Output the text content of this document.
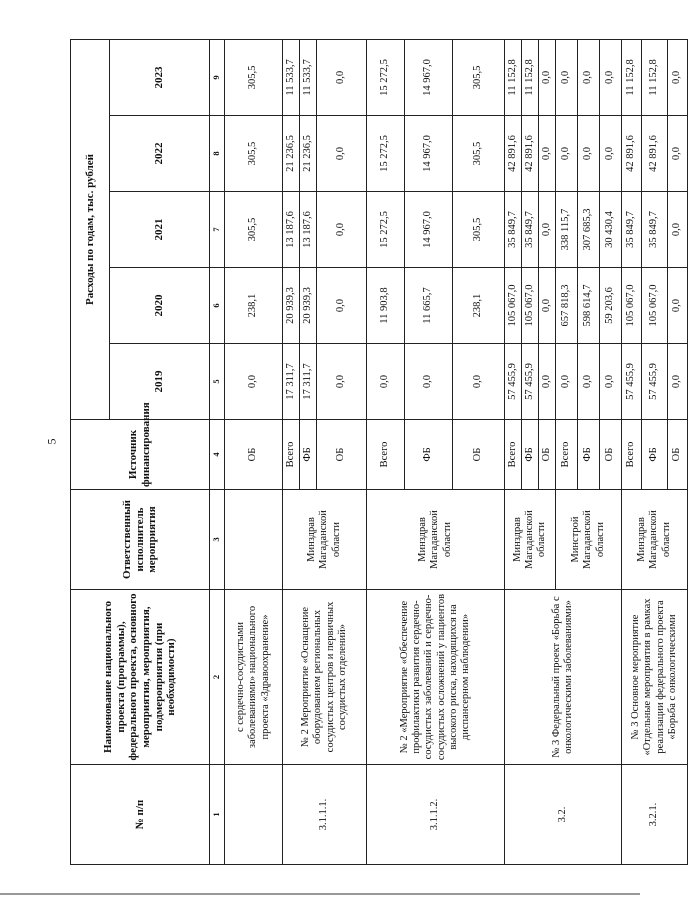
5
№ п/п	Наименование национального проекта (программы), федерального проекта, основного мероприятия, мероприятия, подмероприятия (при необходимости)	Ответственный исполнитель мероприятия	Источник финансирования	Расходы по годам, тыс. рублей				
				2019	2020	2021	2022	2023
1	2	3	4	5	6	7	8	9
	с сердечно-сосудистыми заболеваниями» национального проекта «Здравоохранение»		ОБ	0,0	238,1	305,5	305,5	305,5
3.1.1.1.	№ 2 Мероприятие «Оснащение оборудованием региональных сосудистых центров и первичных сосудистых отделений»	Минздрав Магаданской области	Всего	17 311,7	20 939,3	13 187,6	21 236,5	11 533,7
			ФБ	17 311,7	20 939,3	13 187,6	21 236,5	11 533,7
			ОБ	0,0	0,0	0,0	0,0	0,0
3.1.1.2.	№ 2 «Мероприятие «Обеспечение профилактики развития сердечно-сосудистых заболеваний и сердечно-сосудистых осложнений у пациентов высокого риска, находящихся на диспансерном наблюдении»	Минздрав Магаданской области	Всего	0,0	11 903,8	15 272,5	15 272,5	15 272,5
			ФБ	0,0	11 665,7	14 967,0	14 967,0	14 967,0
			ОБ	0,0	238,1	305,5	305,5	305,5
3.2.	№ 3 Федеральный проект «Борьба с онкологическими заболеваниями»	Минздрав Магаданской области	Всего	57 455,9	105 067,0	35 849,7	42 891,6	11 152,8
			ФБ	57 455,9	105 067,0	35 849,7	42 891,6	11 152,8
			ОБ	0,0	0,0	0,0	0,0	0,0
		Минстрой Магаданской области	Всего	0,0	657 818,3	338 115,7	0,0	0,0
			ФБ	0,0	598 614,7	307 685,3	0,0	0,0
			ОБ	0,0	59 203,6	30 430,4	0,0	0,0
3.2.1.	№ 3 Основное мероприятие «Отдельные мероприятия в рамках реализации федерального проекта «Борьба с онкологическими	Минздрав Магаданской области	Всего	57 455,9	105 067,0	35 849,7	42 891,6	11 152,8
			ФБ	57 455,9	105 067,0	35 849,7	42 891,6	11 152,8
			ОБ	0,0	0,0	0,0	0,0	0,0
